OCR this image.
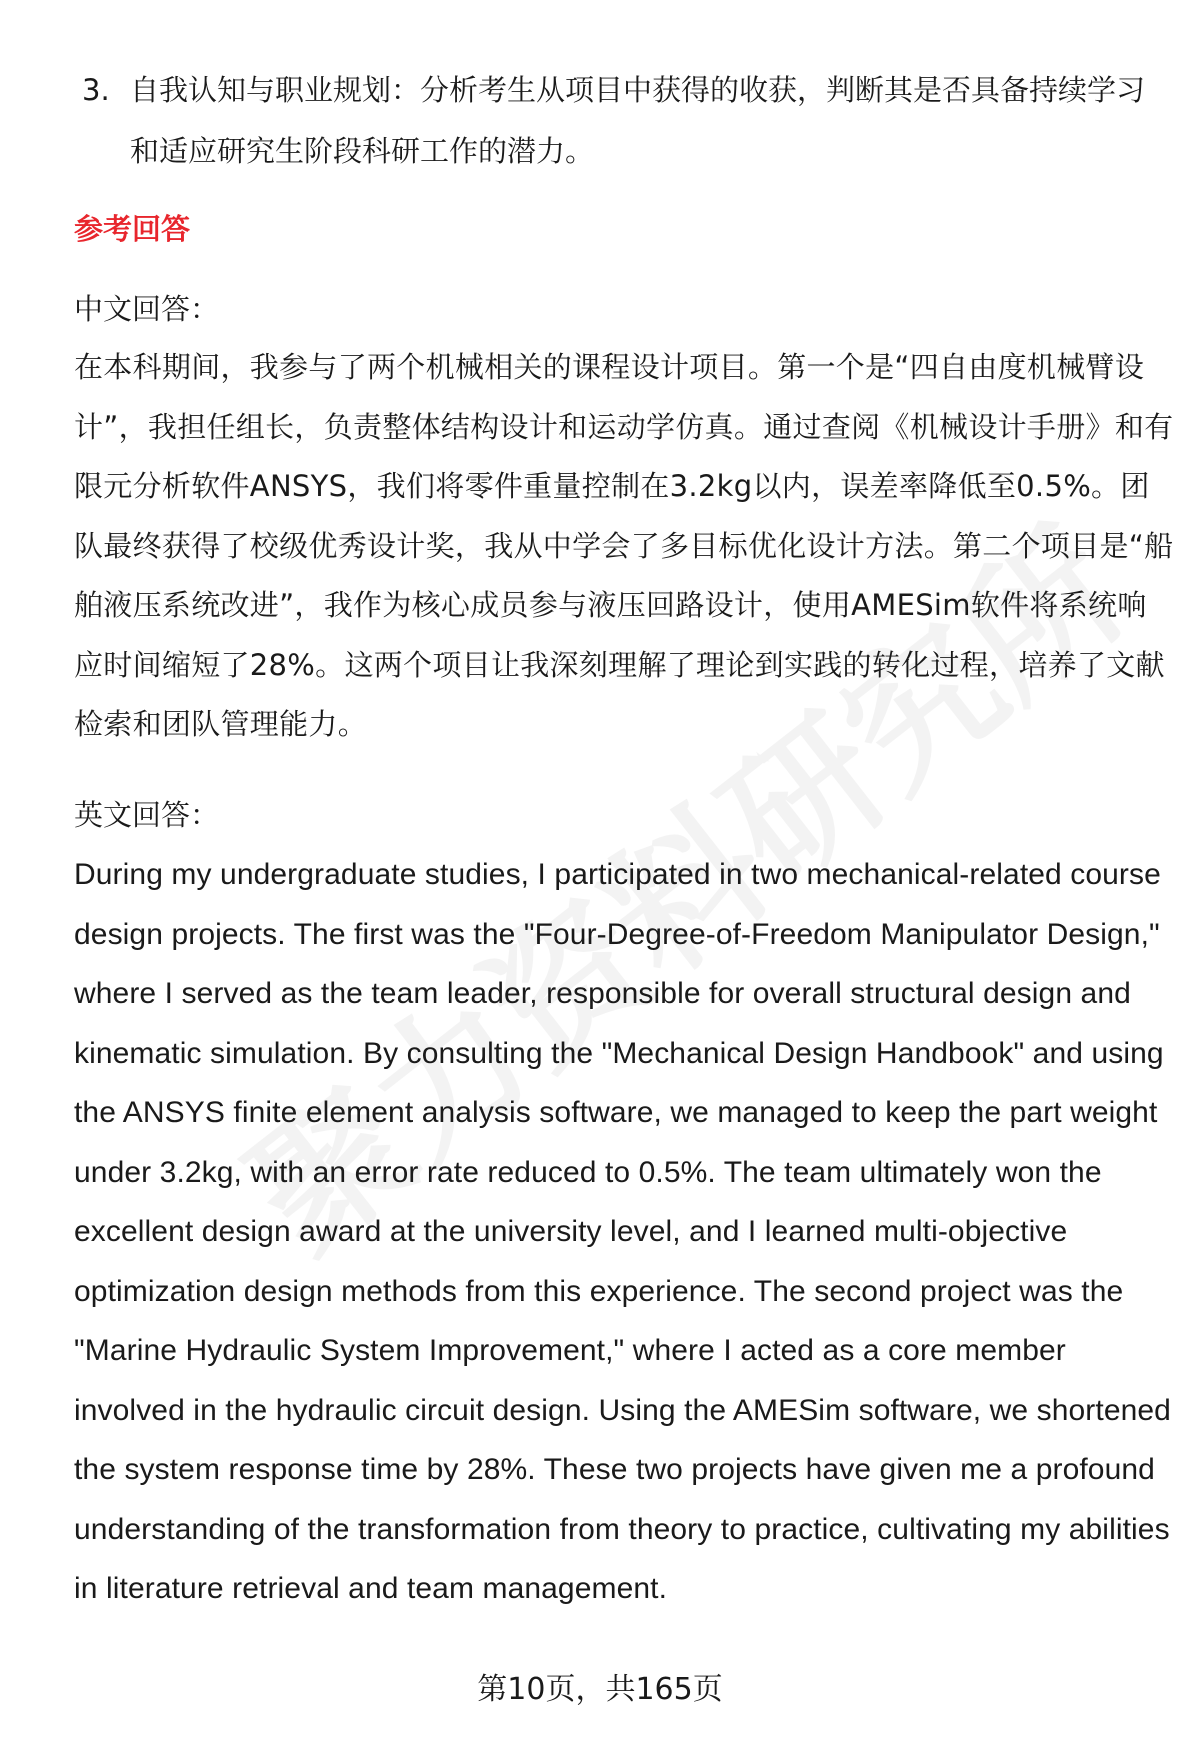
3. 自我认知与职业规划：分析考生从项目中获得的收获，判断其是否具备持续学习和适应研究生阶段科研工作的潜力。
参考回答
中文回答：
在本科期间，我参与了两个机械相关的课程设计项目。第一个是“四自由度机械臂设计”，我担任组长，负责整体结构设计和运动学仿真。通过查阅《机械设计手册》和有限元分析软件ANSYS，我们将零件重量控制在3.2kg以内，误差率降低至0.5%。团队最终获得了校级优秀设计奖，我从中学会了多目标优化设计方法。第二个项目是“船舶液压系统改进”，我作为核心成员参与液压回路设计，使用AMESim软件将系统响应时间缩短了28%。这两个项目让我深刻理解了理论到实践的转化过程，培养了文献检索和团队管理能力。
英文回答：
During my undergraduate studies, I participated in two mechanical-related course design projects. The first was the "Four-Degree-of-Freedom Manipulator Design," where I served as the team leader, responsible for overall structural design and kinematic simulation. By consulting the "Mechanical Design Handbook" and using the ANSYS finite element analysis software, we managed to keep the part weight under 3.2kg, with an error rate reduced to 0.5%. The team ultimately won the excellent design award at the university level, and I learned multi-objective optimization design methods from this experience. The second project was the "Marine Hydraulic System Improvement," where I acted as a core member involved in the hydraulic circuit design. Using the AMESim software, we shortened the system response time by 28%. These two projects have given me a profound understanding of the transformation from theory to practice, cultivating my abilities in literature retrieval and team management.
第10页，共165页
